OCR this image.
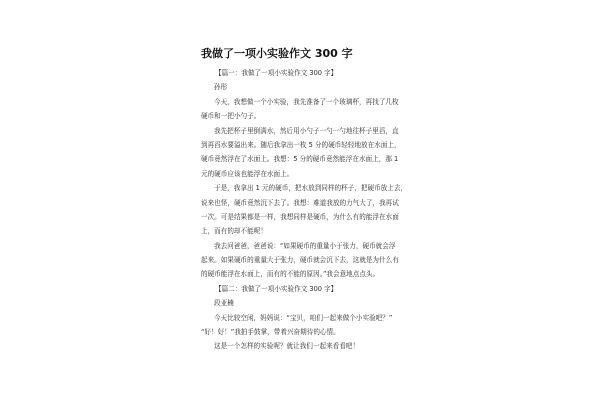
我做了一项小实验作文 300 字
【篇一：我做了一项小实验作文 300 字】
孙彤
今天，我想做一个小实验，我先准备了一个玻璃杯，再找了几枚
硬币和一把小勺子。
我先把杯子里倒满水，然后用小勺子一勺一勺地往杯子里舀，直
到再舀水要溢出来。随后我拿出一枚 5 分的硬币轻轻地放在水面上，
硬币竟然浮在了水面上。我想：5 分的硬币竟然能浮在水面上，那 1
元的硬币应该也能浮在水面上。
于是，我拿出 1 元的硬币，把水放到同样的杯子，把硬币放上去，
说来也怪，硬币竟然沉下去了。我想：难道我放的力气大了，我再试
一次。可是结果都是一样，我想同样是硬币，为什么有的能浮在水面
上，而有的却不能呢！
我去问爸爸，爸爸说：“如果硬币的重量小于张力，硬币就会浮
起来。如果硬币的重量大于张力，硬币就会沉下去，这就是为什么有
的硬币能浮在水面上，而有的不能的原因。”我会意地点点头。
【篇二：我做了一项小实验作文 300 字】
段亚楠
今天比较空闲，妈妈说：“宝贝，咱们一起来做个小实验吧？”
“好！好！”我拍手鼓掌，带着兴奋期待的心情。
这是一个怎样的实验呢？就让我们一起来看看吧！
